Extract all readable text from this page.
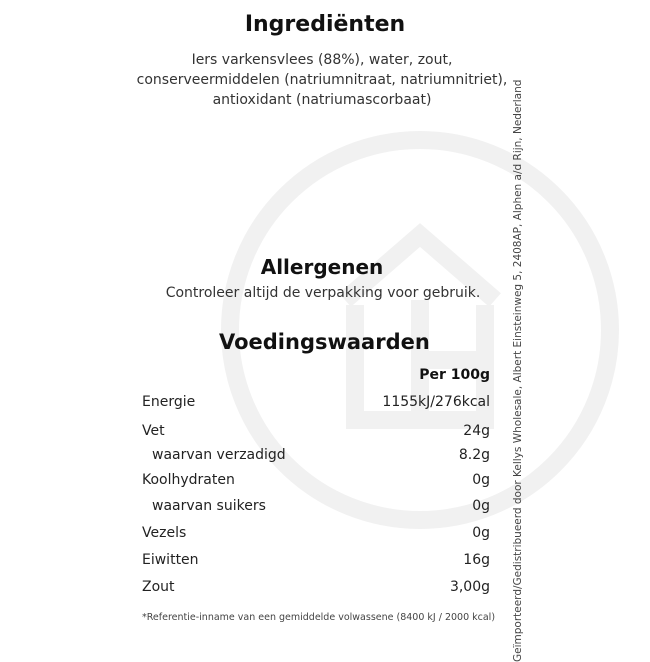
Ingrediënten
Iers varkensvlees (88%), water, zout,
conserveermiddelen (natriumnitraat, natriumnitriet),
antioxidant (natriumascorbaat)
Allergenen
Controleer altijd de verpakking voor gebruik.
Voedingswaarden
Per 100g
Energie	1155kJ/276kcal
Vet	24g
waarvan verzadigd	8.2g
Koolhydraten	0g
waarvan suikers	0g
Vezels	0g
Eiwitten	16g
Zout	3,00g
*Referentie-inname van een gemiddelde volwassene (8400 kJ / 2000 kcal) Geïmporteerd/Gedistribueerd door Kellys Wholesale, Albert Einsteinweg 5, 2408AP, Alphen a/d Rijn, Nederland
